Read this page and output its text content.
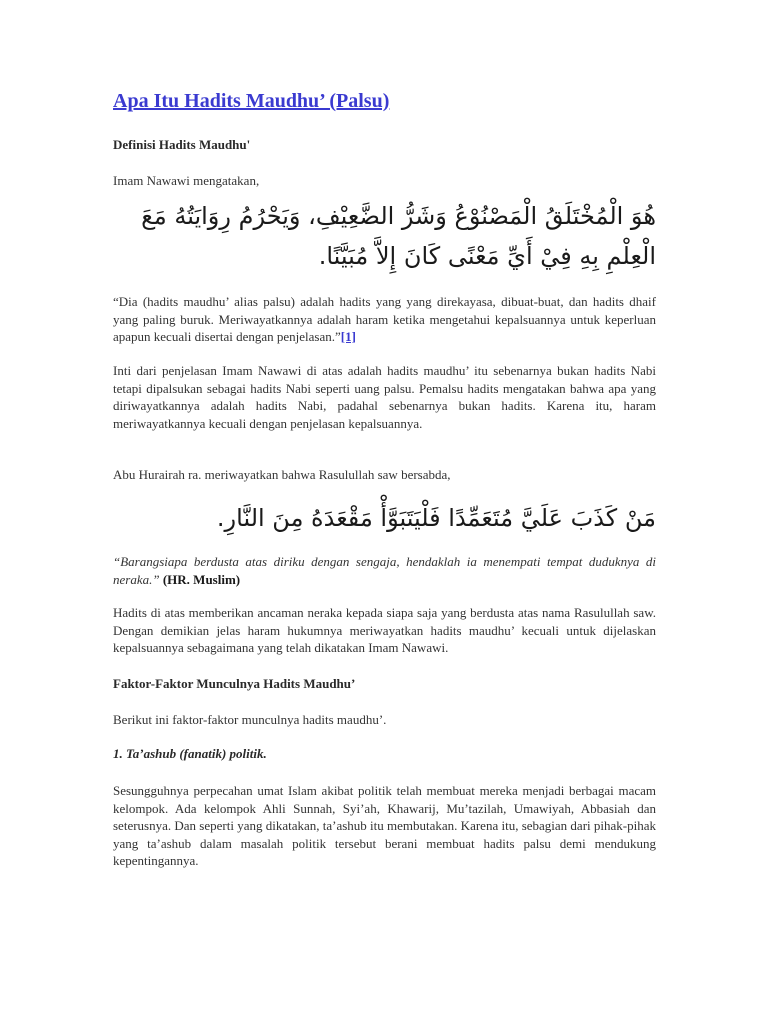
Apa Itu Hadits Maudhu’ (Palsu)

Definisi Hadits Maudhu'

Imam Nawawi mengatakan,

هُوَ الْمُخْتَلَقُ الْمَصْنُوْعُ وَشَرُّ الضَّعِيْفِ، وَيَحْرُمُ رِوَايَتُهُ مَعَ الْعِلْمِ بِهِ فِيْ أَيِّ مَعْنًى كَانَ إِلاَّ مُبَيَّنًا.

“Dia (hadits maudhu’ alias palsu) adalah hadits yang yang direkayasa, dibuat-buat, dan hadits dhaif yang paling buruk. Meriwayatkannya adalah haram ketika mengetahui kepalsuannya untuk keperluan apapun kecuali disertai dengan penjelasan.”[1]

Inti dari penjelasan Imam Nawawi di atas adalah hadits maudhu’ itu sebenarnya bukan hadits Nabi tetapi dipalsukan sebagai hadits Nabi seperti uang palsu. Pemalsu hadits mengatakan bahwa apa yang diriwayatkannya adalah hadits Nabi, padahal sebenarnya bukan hadits. Karena itu, haram meriwayatkannya kecuali dengan penjelasan kepalsuannya.

Abu Hurairah ra. meriwayatkan bahwa Rasulullah saw bersabda,

مَنْ كَذَبَ عَلَيَّ مُتَعَمِّدًا فَلْيَتَبَوَّأْ مَقْعَدَهُ مِنَ النَّارِ.

“Barangsiapa berdusta atas diriku dengan sengaja, hendaklah ia menempati tempat duduknya di neraka.” (HR. Muslim)

Hadits di atas memberikan ancaman neraka kepada siapa saja yang berdusta atas nama Rasulullah saw. Dengan demikian jelas haram hukumnya meriwayatkan hadits maudhu’ kecuali untuk dijelaskan kepalsuannya sebagaimana yang telah dikatakan Imam Nawawi.

Faktor-Faktor Munculnya Hadits Maudhu’

Berikut ini faktor-faktor munculnya hadits maudhu’.

1. Ta’ashub (fanatik) politik.

Sesungguhnya perpecahan umat Islam akibat politik telah membuat mereka menjadi berbagai macam kelompok. Ada kelompok Ahli Sunnah, Syi’ah, Khawarij, Mu’tazilah, Umawiyah, Abbasiah dan seterusnya. Dan seperti yang dikatakan, ta’ashub itu membutakan. Karena itu, sebagian dari pihak-pihak yang ta’ashub dalam masalah politik tersebut berani membuat hadits palsu demi mendukung kepentingannya.
